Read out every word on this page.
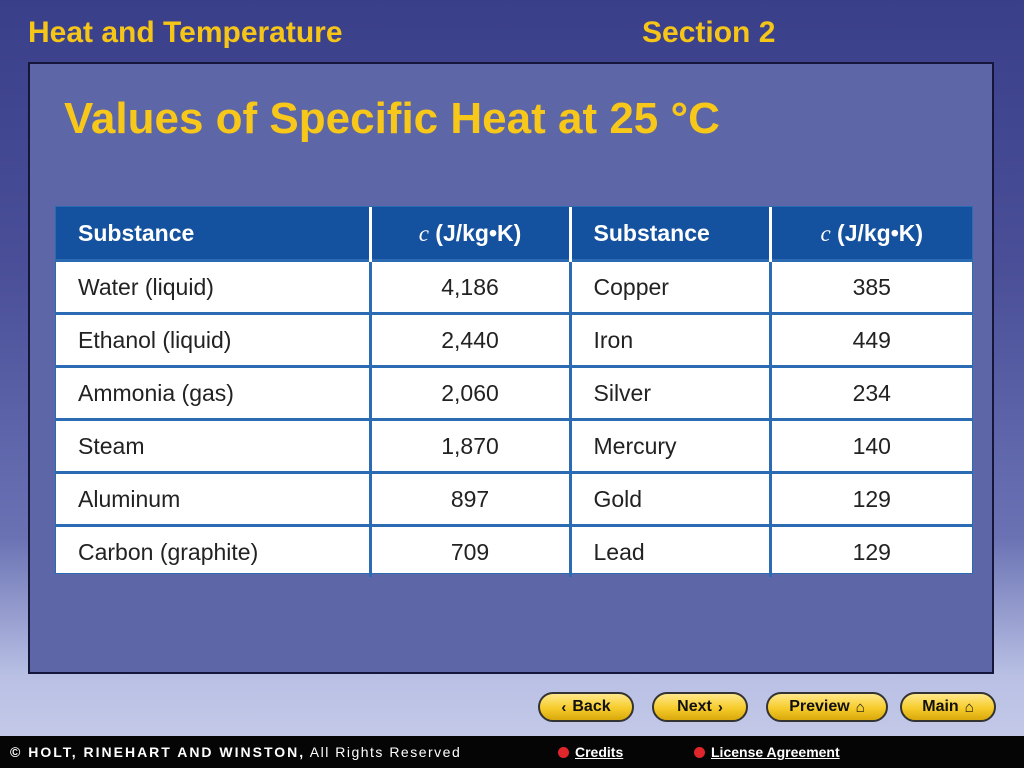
Heat and Temperature	Section 2
Values of Specific Heat at 25 °C
Substance	c (J/kg•K)	Substance	c (J/kg•K)
Water (liquid)	4,186	Copper	385
Ethanol (liquid)	2,440	Iron	449
Ammonia (gas)	2,060	Silver	234
Steam	1,870	Mercury	140
Aluminum	897	Gold	129
Carbon (graphite)	709	Lead	129
‹ Back	Next ›	Preview ⌂	Main ⌂
© HOLT, RINEHART AND WINSTON, All Rights Reserved	Credits	License Agreement
